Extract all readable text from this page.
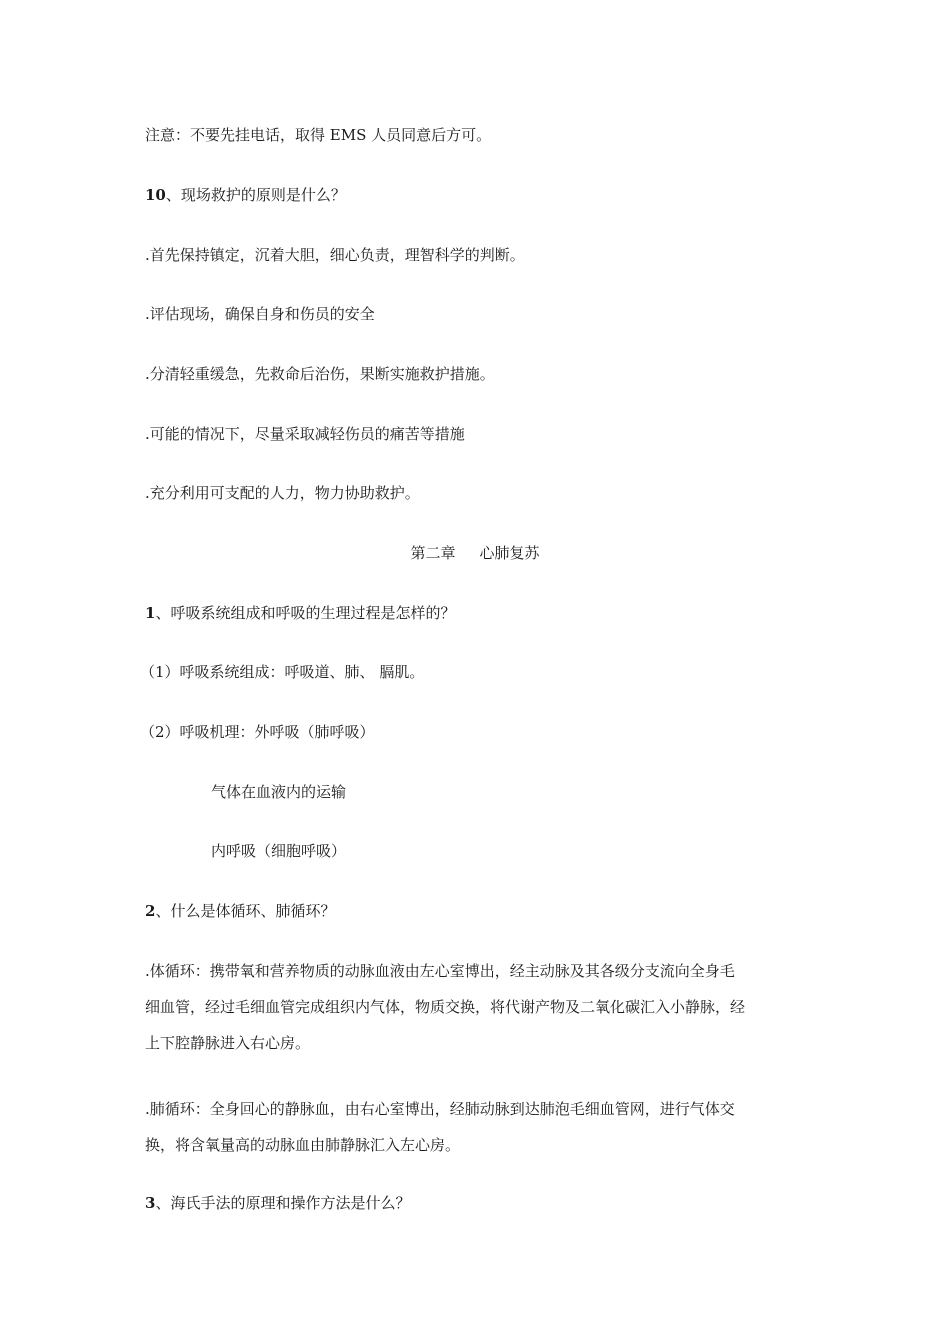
注意：不要先挂电话，取得 EMS 人员同意后方可。
10、现场救护的原则是什么？
.首先保持镇定，沉着大胆，细心负责，理智科学的判断。
.评估现场，确保自身和伤员的安全
.分清轻重缓急，先救命后治伤，果断实施救护措施。
.可能的情况下，尽量采取减轻伤员的痛苦等措施
.充分利用可支配的人力，物力协助救护。
第二章 心肺复苏
1、呼吸系统组成和呼吸的生理过程是怎样的？
（1）呼吸系统组成：呼吸道、肺、 膈肌。
（2）呼吸机理：外呼吸（肺呼吸）
气体在血液内的运输
内呼吸（细胞呼吸）
2、什么是体循环、肺循环？
.体循环：携带氧和营养物质的动脉血液由左心室博出，经主动脉及其各级分支流向全身毛
细血管，经过毛细血管完成组织内气体，物质交换，将代谢产物及二氧化碳汇入小静脉，经
上下腔静脉进入右心房。
.肺循环：全身回心的静脉血，由右心室博出，经肺动脉到达肺泡毛细血管网，进行气体交
换，将含氧量高的动脉血由肺静脉汇入左心房。
3、海氏手法的原理和操作方法是什么？
